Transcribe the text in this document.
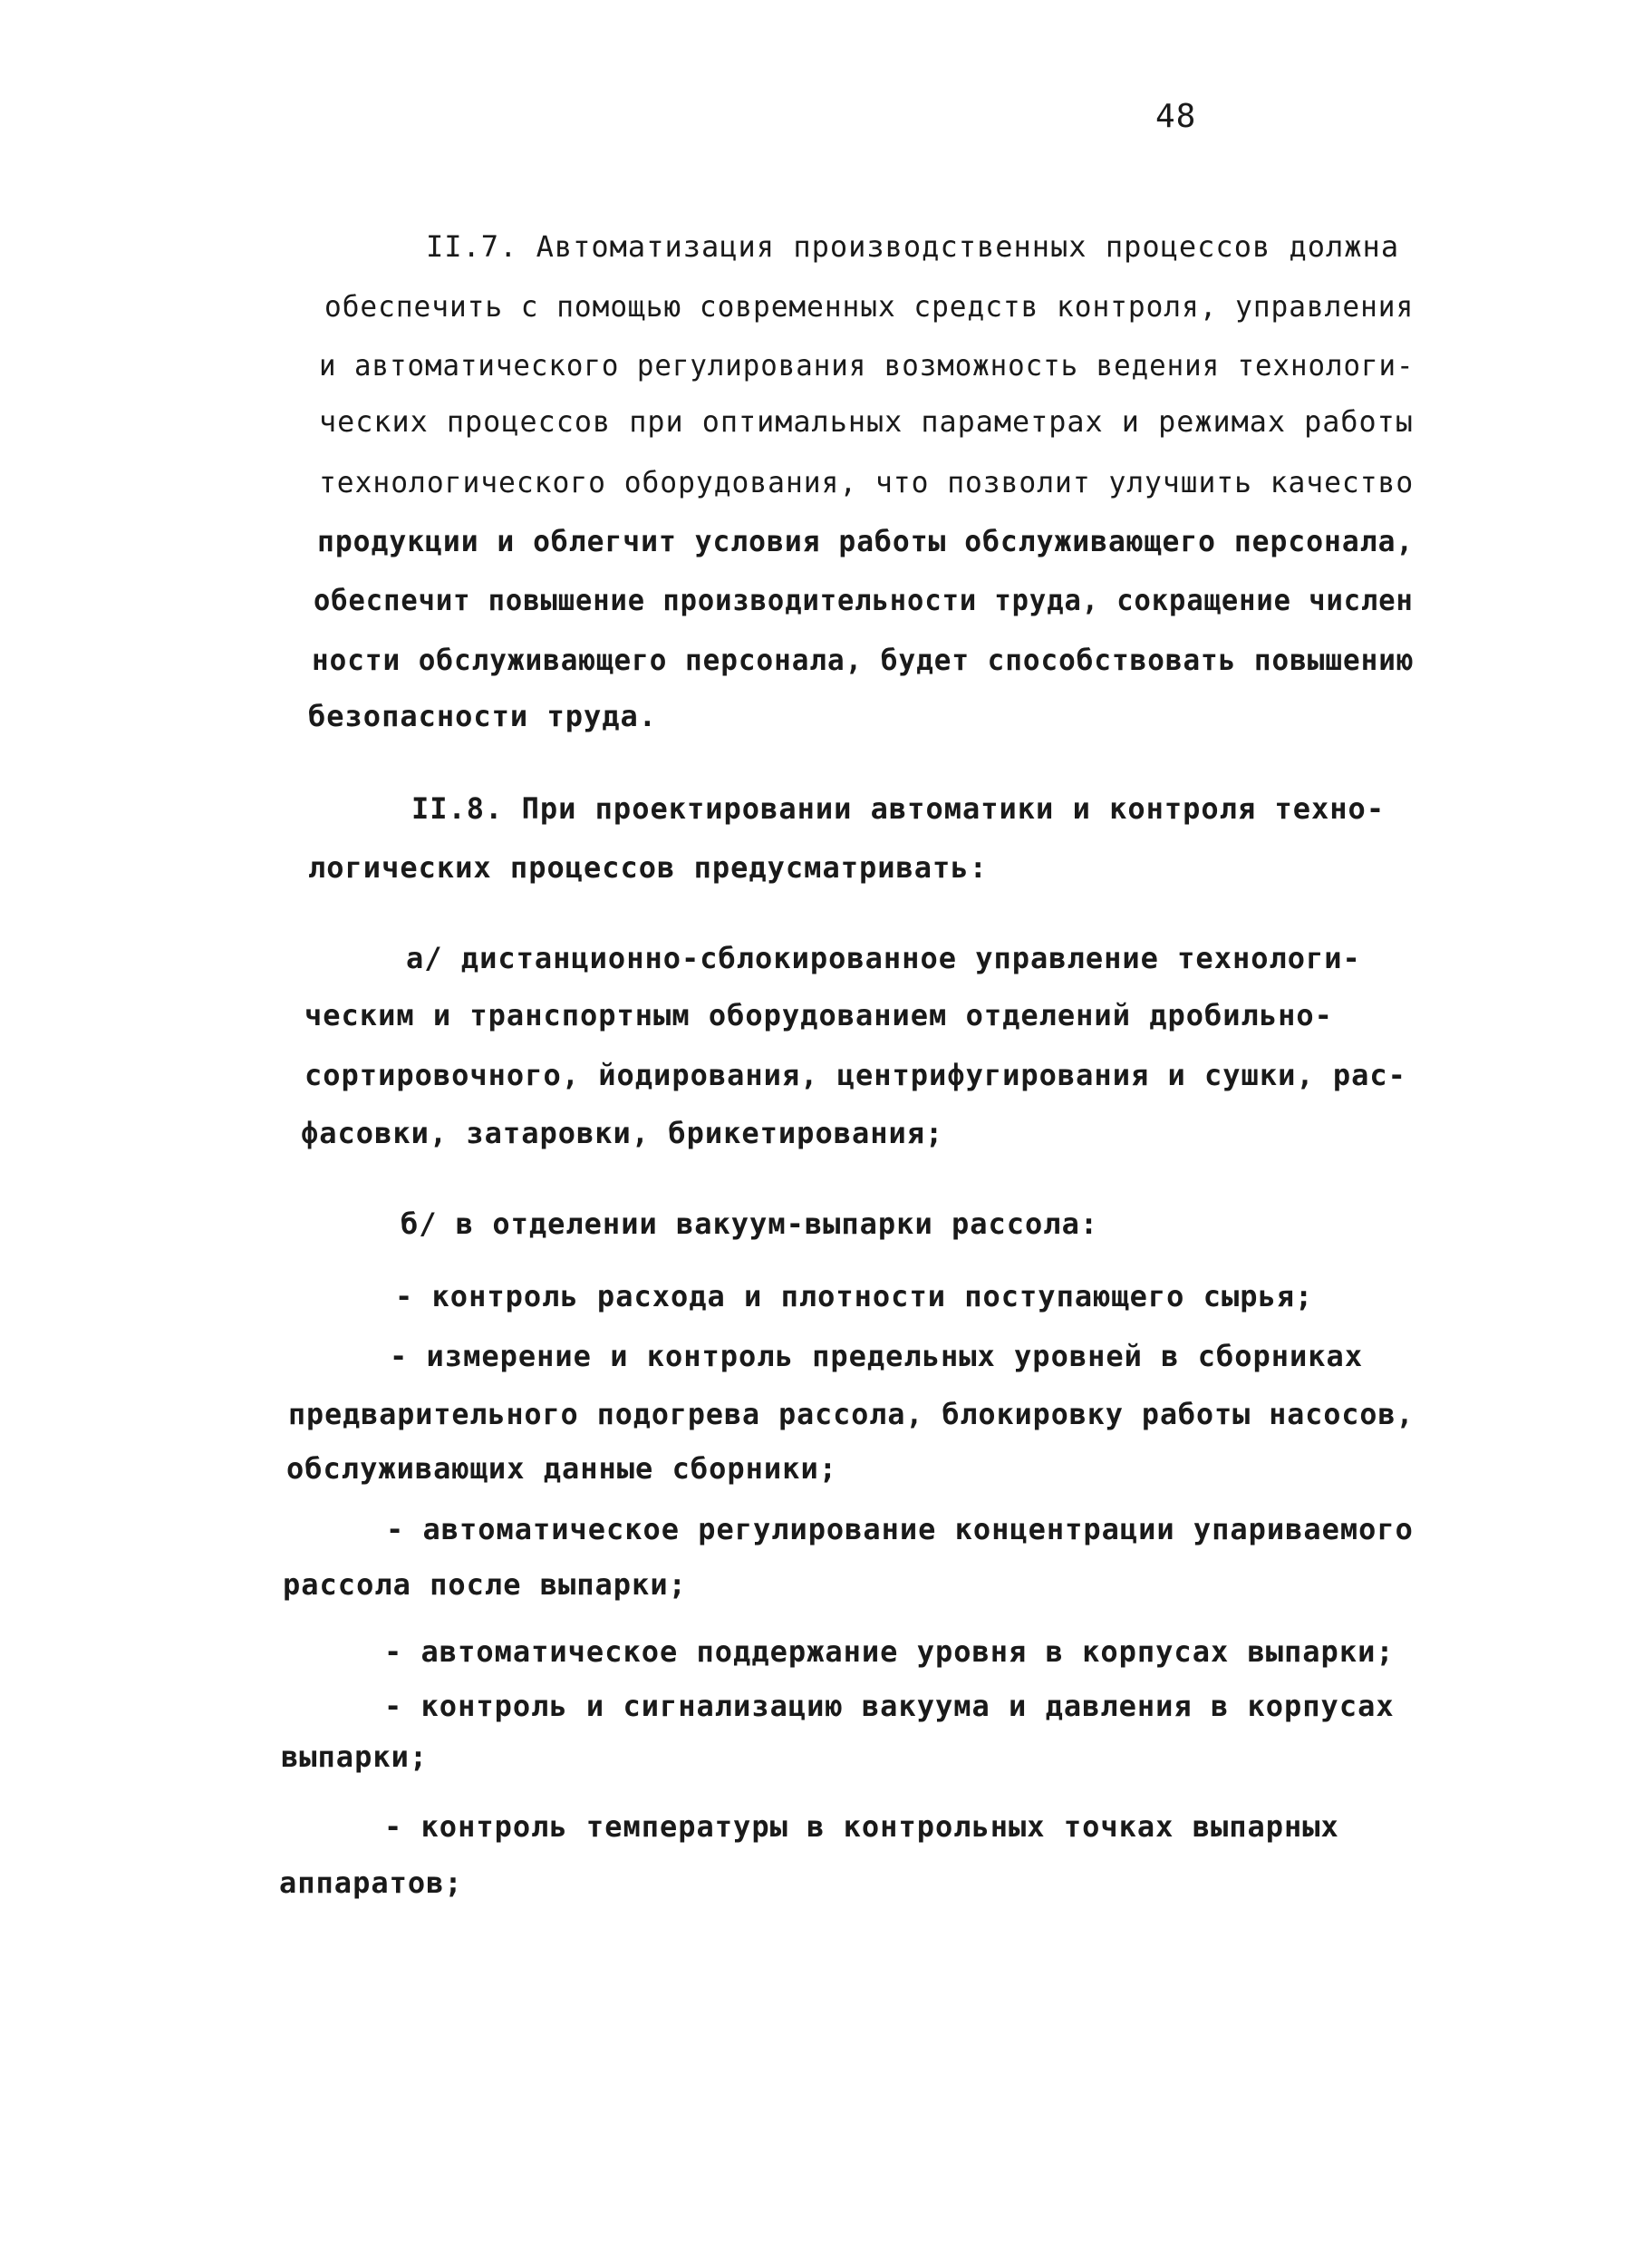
48
II.7. Автоматизация производственных процессов должна
обеспечить с помощью современных средств контроля, управления
и автоматического регулирования возможность ведения технологи-
ческих процессов при оптимальных параметрах и режимах работы
технологического оборудования, что позволит улучшить качество
продукции и облегчит условия работы обслуживающего персонала,
обеспечит повышение производительности труда, сокращение числен
ности обслуживающего персонала, будет способствовать повышению
безопасности труда.
II.8. При проектировании автоматики и контроля техно-
логических процессов предусматривать:
а/ дистанционно-сблокированное управление технологи-
ческим и транспортным оборудованием отделений дробильно-
сортировочного, йодирования, центрифугирования и сушки, рас-
фасовки, затаровки, брикетирования;
б/ в отделении вакуум-выпарки рассола:
- контроль расхода и плотности поступающего сырья;
- измерение и контроль предельных уровней в сборниках
предварительного подогрева рассола, блокировку работы насосов,
обслуживающих данные сборники;
- автоматическое регулирование концентрации упариваемого
рассола после выпарки;
- автоматическое поддержание уровня в корпусах выпарки;
- контроль и сигнализацию вакуума и давления в корпусах
выпарки;
- контроль температуры в контрольных точках выпарных
аппаратов;
